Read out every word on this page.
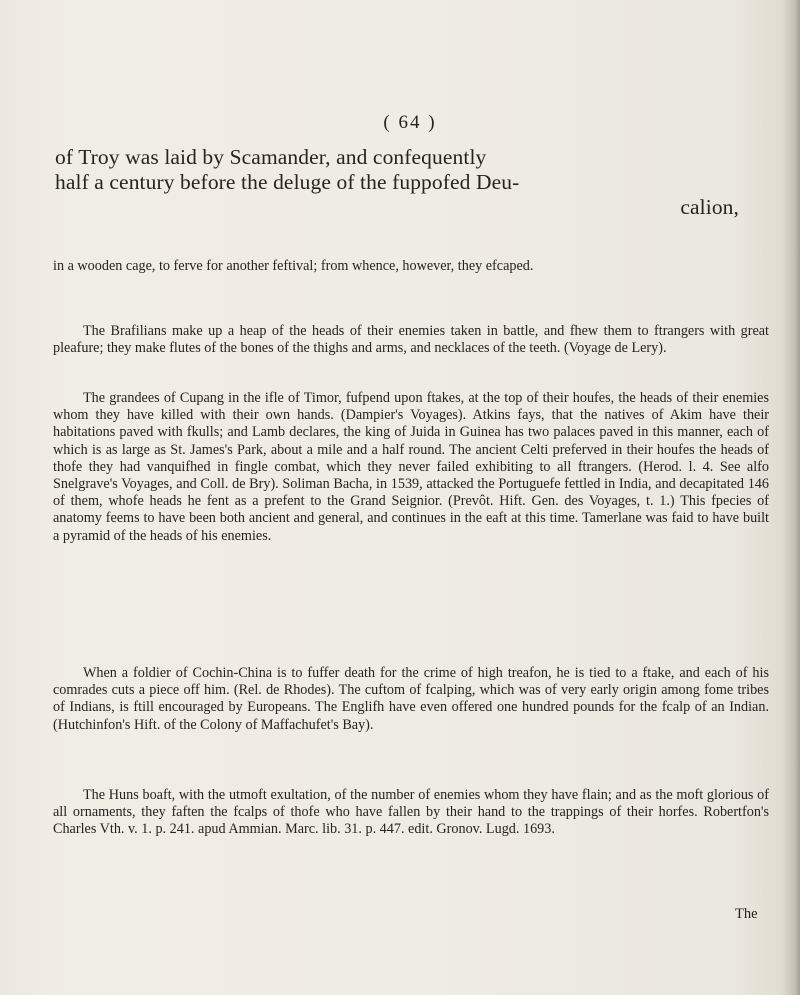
( 64 )
of Troy was laid by Scamander, and confequently
half a century before the deluge of the fuppofed Deu-
calion,

in a wooden cage, to ferve for another feftival; from whence, however, they efcaped.

The Brafilians make up a heap of the heads of their enemies taken in battle, and fhew them to ftrangers with great pleafure; they make flutes of the bones of the thighs and arms, and necklaces of the teeth. (Voyage de Lery).

The grandees of Cupang in the ifle of Timor, fufpend upon ftakes, at the top of their houfes, the heads of their enemies whom they have killed with their own hands. (Dampier's Voyages). Atkins fays, that the natives of Akim have their habitations paved with fkulls; and Lamb declares, the king of Juida in Guinea has two palaces paved in this manner, each of which is as large as St. James's Park, about a mile and a half round. The ancient Celti preferved in their houfes the heads of thofe they had vanquifhed in fingle combat, which they never failed exhibiting to all ftrangers. (Herod. l. 4. See alfo Snelgrave's Voyages, and Coll. de Bry). Soliman Bacha, in 1539, attacked the Portuguefe fettled in India, and decapitated 146 of them, whofe heads he fent as a prefent to the Grand Seignior. (Prevôt. Hift. Gen. des Voyages, t. 1.) This fpecies of anatomy feems to have been both ancient and general, and continues in the eaft at this time. Tamerlane was faid to have built a pyramid of the heads of his enemies.

When a foldier of Cochin-China is to fuffer death for the crime of high treafon, he is tied to a ftake, and each of his comrades cuts a piece off him. (Rel. de Rhodes). The cuftom of fcalping, which was of very early origin among fome tribes of Indians, is ftill encouraged by Europeans. The Englifh have even offered one hundred pounds for the fcalp of an Indian. (Hutchinfon's Hift. of the Colony of Maffachufet's Bay).

The Huns boaft, with the utmoft exultation, of the number of enemies whom they have flain; and as the moft glorious of all ornaments, they faften the fcalps of thofe who have fallen by their hand to the trappings of their horfes. Robertfon's Charles Vth. v. 1. p. 241. apud Ammian. Marc. lib. 31. p. 447. edit. Gronov. Lugd. 1693.

The
